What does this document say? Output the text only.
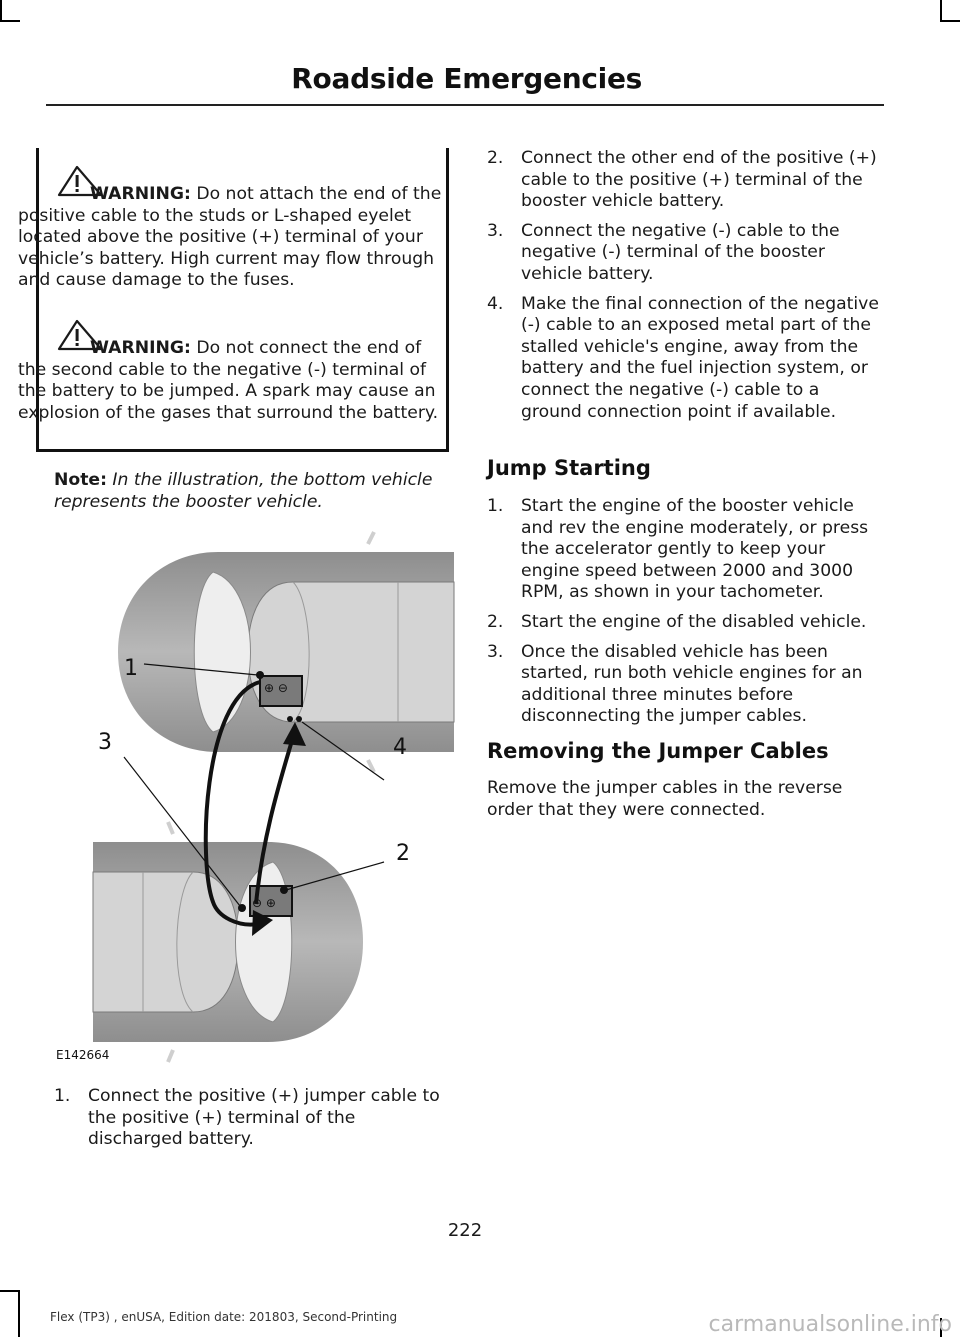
Roadside Emergencies
WARNING: Do not attach the end of the positive cable to the studs or L-shaped eyelet located above the positive (+) terminal of your vehicle’s battery. High current may flow through and cause damage to the fuses.
WARNING: Do not connect the end of the second cable to the negative (-) terminal of the battery to be jumped. A spark may cause an explosion of the gases that surround the battery.
Note: In the illustration, the bottom vehicle represents the booster vehicle.
⊕ ⊖
⊖ ⊕
1
2
3	4
E142664
1. Connect the positive (+) jumper cable to the positive (+) terminal of the discharged battery.
2. Connect the other end of the positive (+) cable to the positive (+) terminal of the booster vehicle battery.
3. Connect the negative (-) cable to the negative (-) terminal of the booster vehicle battery.
4. Make the final connection of the negative (-) cable to an exposed metal part of the stalled vehicle's engine, away from the battery and the fuel injection system, or connect the negative (-) cable to a ground connection point if available.
Jump Starting
1. Start the engine of the booster vehicle and rev the engine moderately, or press the accelerator gently to keep your engine speed between 2000 and 3000 RPM, as shown in your tachometer.
2. Start the engine of the disabled vehicle.
3. Once the disabled vehicle has been started, run both vehicle engines for an additional three minutes before disconnecting the jumper cables.
Removing the Jumper Cables
Remove the jumper cables in the reverse order that they were connected.
222
Flex (TP3) , enUSA, Edition date: 201803, Second-Printing	carmanualsonline.info
